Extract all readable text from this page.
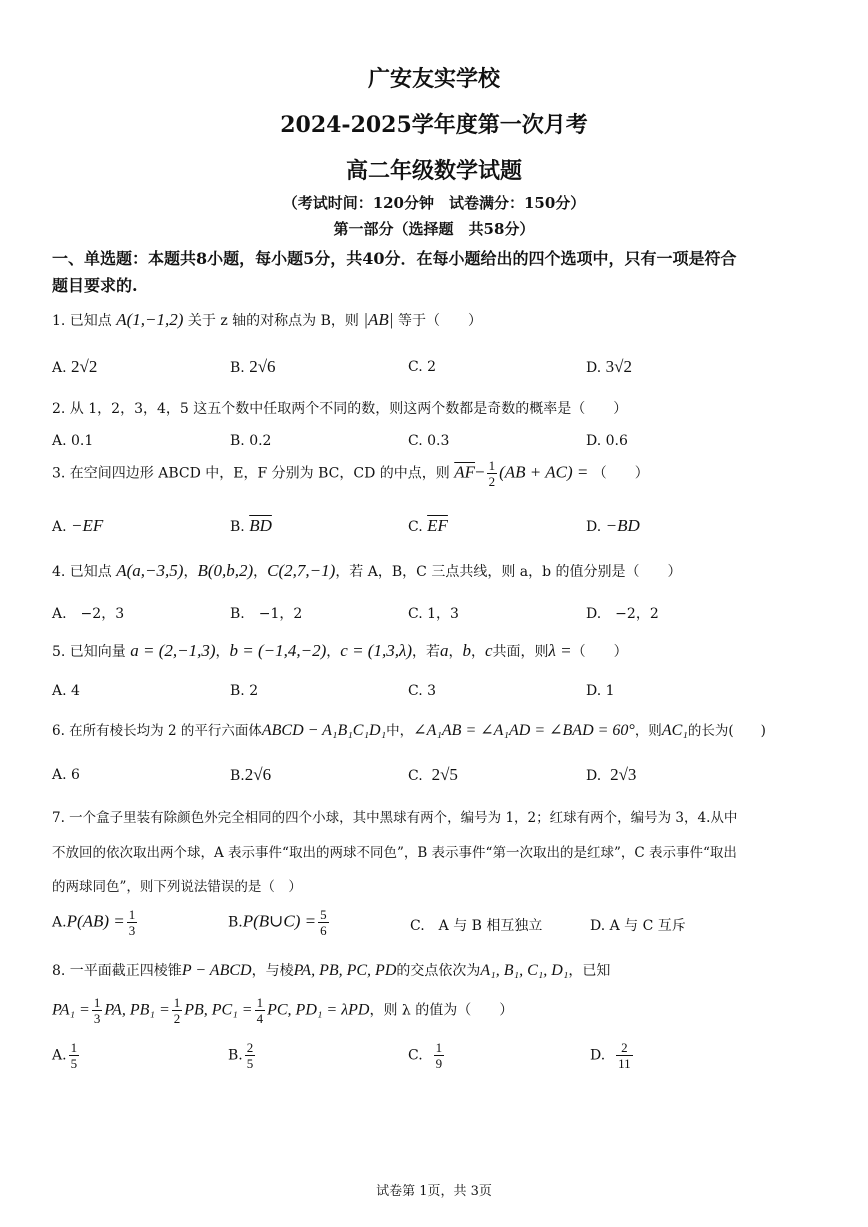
广安友实学校
2024-2025学年度第一次月考
高二年级数学试题
（考试时间：120分钟　试卷满分：150分）
第一部分（选择题　共58分）
一、单选题：本题共8小题，每小题5分，共40分．在每小题给出的四个选项中，只有一项是符合
题目要求的.
1. 已知点 A(1,−1,2) 关于 z 轴的对称点为 B，则 |AB| 等于（　　）
A. 2√2	B. 2√6	C. 2	D. 3√2
2. 从 1，2，3，4，5 这五个数中任取两个不同的数，则这两个数都是奇数的概率是（　　）
A. 0.1	B. 0.2	C. 0.3	D. 0.6
3. 在空间四边形 ABCD 中，E，F 分别为 BC，CD 的中点，则 $\overline{AF}- \frac{1}{2} (AB + AC)$ = （　　）
A. −EF	B. $\overline{BD}$	C. $\overline{EF}$	D. −BD
4. 已知点 A(a,−3,5)，B(0,b,2)，C(2,7,−1)，若 A，B，C 三点共线，则 a，b 的值分别是（　　）
A.　−2，3	B.　−1，2	C. 1，3	D.　−2，2
5. 已知向量 a = (2,−1,3)，b = (−1,4,−2)，c = (1,3,λ)，若a，b，c共面，则λ =（　　）
A. 4	B. 2	C. 3	D. 1
6. 在所有棱长均为 2 的平行六面体ABCD − A₁B₁C₁D₁中，∠A₁AB = ∠A₁AD = ∠BAD = 60°，则AC₁的长为(　　)
A. 6	B.2√6	C. 2√5	D. 2√3
7. 一个盒子里装有除颜色外完全相同的四个小球，其中黑球有两个，编号为 1，2；红球有两个，编号为 3，4.从中
不放回的依次取出两个球，A 表示事件“取出的两球不同色”，B 表示事件“第一次取出的是红球”，C 表示事件“取出
的两球同色”，则下列说法错误的是（　）
$A.P(AB) = \frac{1}{3}$	B.P(B∪C) = $\frac{5}{6}$	C.　A 与 B 相互独立	D. A 与 C 互斥
8. 一平面截正四棱锥P − ABCD，与棱PA, PB, PC, PD的交点依次为A₁, B₁, C₁, D₁，已知
$PA_1 = \frac{1}{3}$ PA, $PB_1 = \frac{1}{2}$ PB, $PC_1 = \frac{1}{4}$ PC, PD₁ = λPD，则 λ 的值为（　　）
A. $\frac{1}{5}$	B. $\frac{2}{5}$	C. $\frac{1}{9}$	D. $\frac{2}{11}$
试卷第 1页，共 3页
